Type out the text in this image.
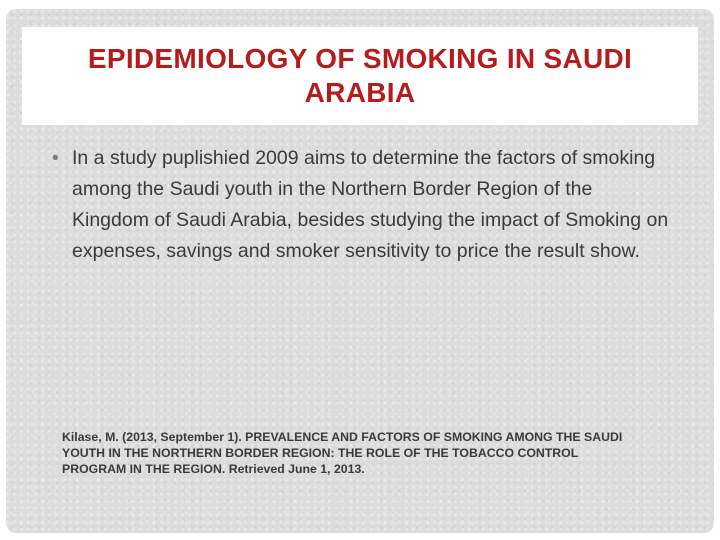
EPIDEMIOLOGY OF SMOKING IN SAUDI ARABIA
• In a study puplishied 2009 aims to determine the factors of smoking among the Saudi youth in the Northern Border Region of the Kingdom of Saudi Arabia, besides studying the impact of Smoking on expenses, savings and smoker sensitivity to price the result show.

Kilase, M. (2013, September 1). PREVALENCE AND FACTORS OF SMOKING AMONG THE SAUDI YOUTH IN THE NORTHERN BORDER REGION: THE ROLE OF THE TOBACCO CONTROL PROGRAM IN THE REGION. Retrieved June 1, 2013.
